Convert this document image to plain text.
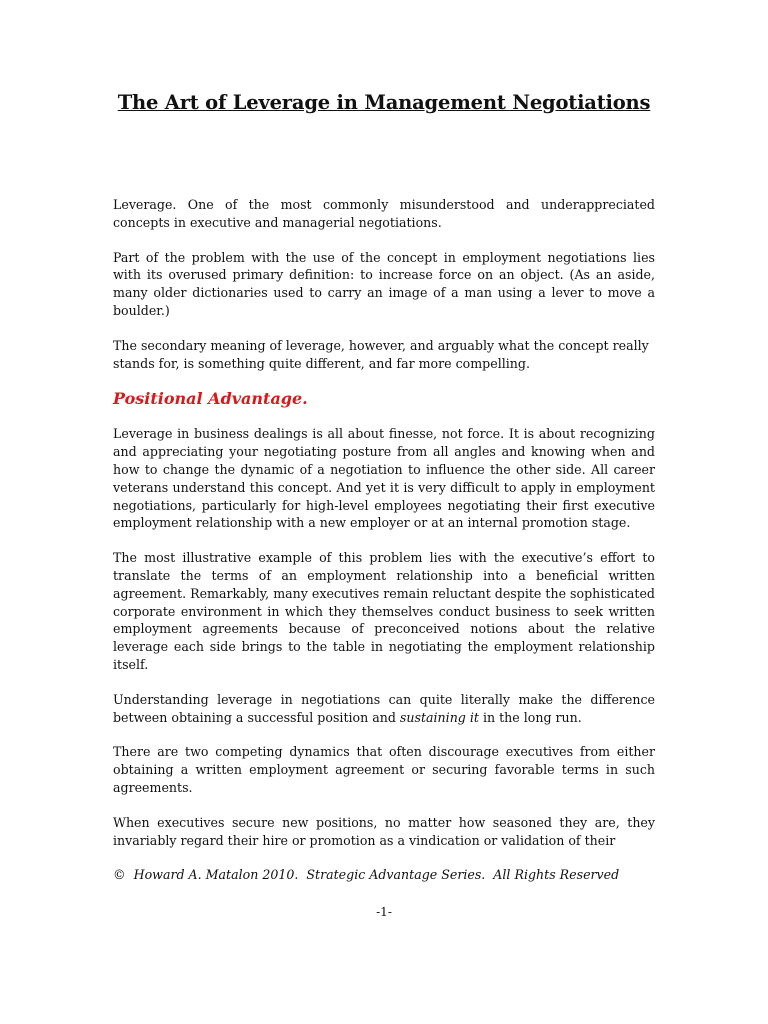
The Art of Leverage in Management Negotiations

Leverage. One of the most commonly misunderstood and underappreciated concepts in executive and managerial negotiations.

Part of the problem with the use of the concept in employment negotiations lies with its overused primary definition: to increase force on an object. (As an aside, many older dictionaries used to carry an image of a man using a lever to move a boulder.)

The secondary meaning of leverage, however, and arguably what the concept really stands for, is something quite different, and far more compelling.

Positional Advantage.

Leverage in business dealings is all about finesse, not force. It is about recognizing and appreciating your negotiating posture from all angles and knowing when and how to change the dynamic of a negotiation to influence the other side. All career veterans understand this concept. And yet it is very difficult to apply in employment negotiations, particularly for high-level employees negotiating their first executive employment relationship with a new employer or at an internal promotion stage.

The most illustrative example of this problem lies with the executive’s effort to translate the terms of an employment relationship into a beneficial written agreement. Remarkably, many executives remain reluctant despite the sophisticated corporate environment in which they themselves conduct business to seek written employment agreements because of preconceived notions about the relative leverage each side brings to the table in negotiating the employment relationship itself.

Understanding leverage in negotiations can quite literally make the difference between obtaining a successful position and sustaining it in the long run.

There are two competing dynamics that often discourage executives from either obtaining a written employment agreement or securing favorable terms in such agreements.

When executives secure new positions, no matter how seasoned they are, they invariably regard their hire or promotion as a vindication or validation of their

©  Howard A. Matalon 2010.  Strategic Advantage Series.  All Rights Reserved
-1-
